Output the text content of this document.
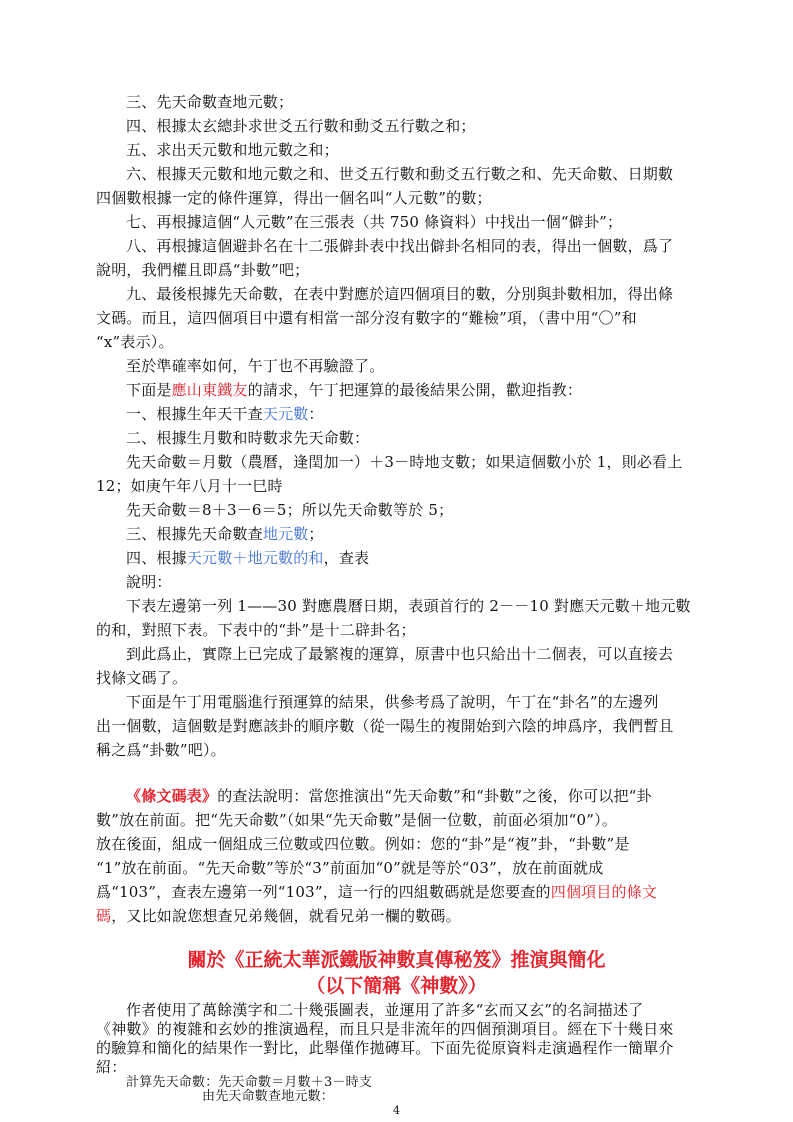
三、先天命數查地元數；
四、根據太玄總卦求世爻五行數和動爻五行數之和；
五、求出天元數和地元數之和；
六、根據天元數和地元數之和、世爻五行數和動爻五行數之和、先天命數、日期數
四個數根據一定的條件運算，得出一個名叫“人元數”的數；
七、再根據這個“人元數”在三張表（共 750 條資料）中找出一個“僻卦”；
八、再根據這個避卦名在十二張僻卦表中找出僻卦名相同的表，得出一個數，爲了
說明，我們權且即爲“卦數”吧；
九、最後根據先天命數，在表中對應於這四個項目的數，分別與卦數相加，得出條
文碼。而且，這四個項目中還有相當一部分沒有數字的“難檢”項，（書中用“〇”和
“x”表示）。
至於準確率如何，午丁也不再驗證了。
下面是應山東鐵友的請求，午丁把運算的最後結果公開，歡迎指教：
一、根據生年天干查天元數：
二、根據生月數和時數求先天命數：
先天命數＝月數（農曆，逢閏加一）＋3－時地支數；如果這個數小於 1，則必看上
12；如庚午年八月十一巳時
先天命數＝8＋3－6＝5；所以先天命數等於 5；
三、根據先天命數查地元數；
四、根據天元數＋地元數的和，查表
說明：
下表左邊第一列 1——30 對應農曆日期，表頭首行的 2－－10 對應天元數＋地元數
的和，對照下表。下表中的“卦”是十二辟卦名；
到此爲止，實際上已完成了最繁複的運算，原書中也只給出十二個表，可以直接去
找條文碼了。
下面是午丁用電腦進行預運算的結果，供參考爲了說明，午丁在“卦名”的左邊列
出一個數，這個數是對應該卦的順序數（從一陽生的複開始到六陰的坤爲序，我們暫且
稱之爲“卦數”吧）。
《條文碼表》的查法說明：當您推演出“先天命數”和“卦數”之後，你可以把“卦
數”放在前面。把“先天命數”（如果“先天命數”是個一位數，前面必須加“0”）。
放在後面，組成一個組成三位數或四位數。例如：您的“卦”是“複”卦，“卦數”是
“1”放在前面。“先天命數”等於“3”前面加“0”就是等於“03”，放在前面就成
爲“103”，查表左邊第一列“103”，這一行的四組數碼就是您要查的四個項目的條文
碼，又比如說您想查兄弟幾個，就看兄弟一欄的數碼。
關於《正統太華派鐵版神數真傳秘笈》推演與簡化
（以下簡稱《神數》）
作者使用了萬餘漢字和二十幾張圖表，並運用了許多“玄而又玄”的名詞描述了
4
《神數》的複雜和玄妙的推演過程，而且只是非流年的四個預測項目。經在下十幾日來
的驗算和簡化的結果作一對比，此舉僅作拋磚耳。下面先從原資料走演過程作一簡單介
紹：
計算先天命數：先天命數＝月數＋3－時支
由先天命數查地元數：
